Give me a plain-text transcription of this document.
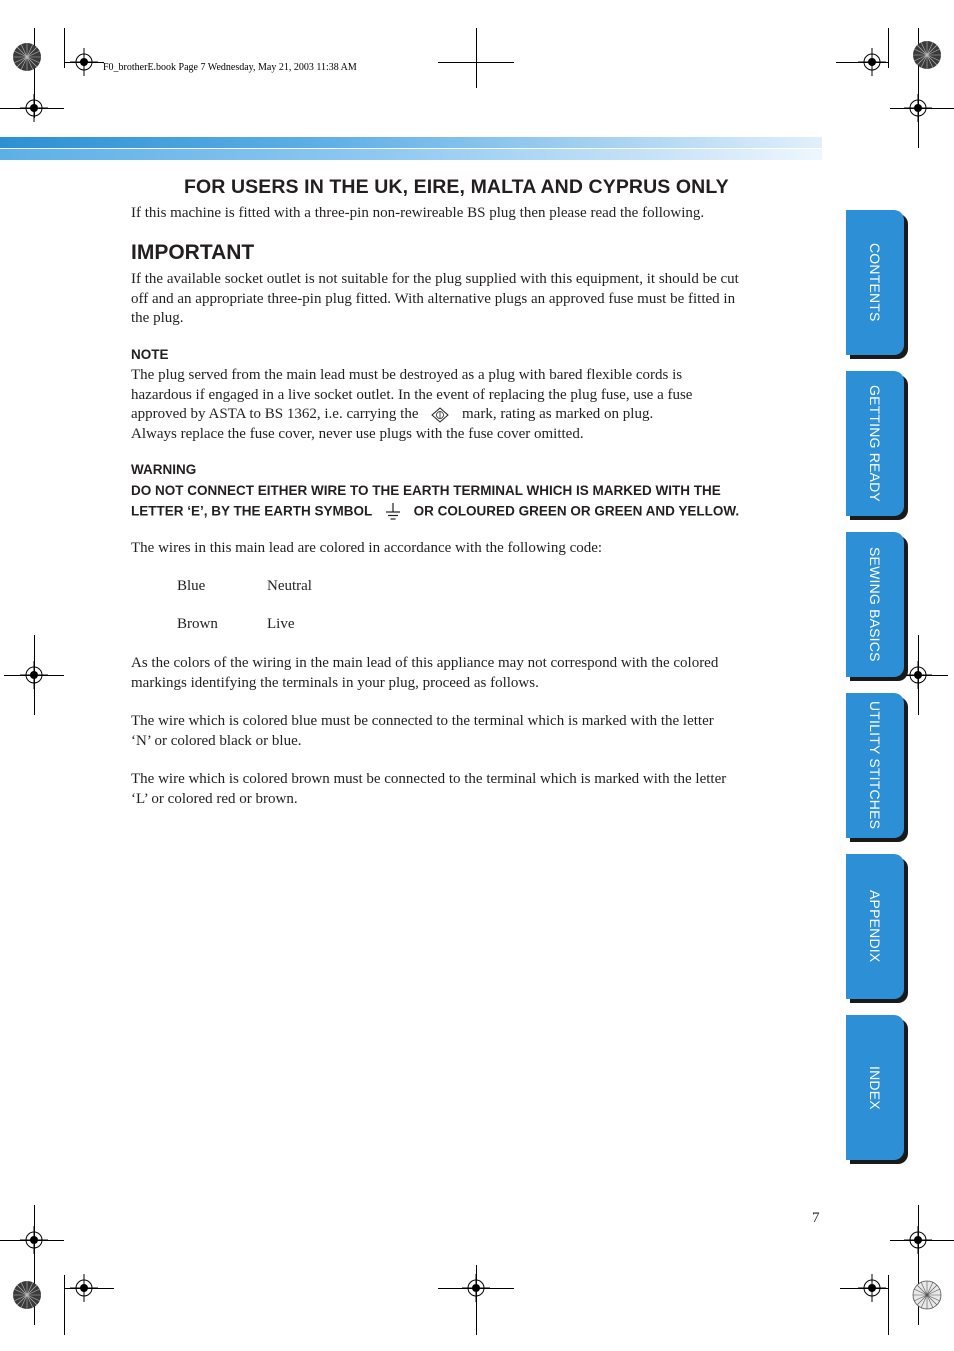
F0_brotherE.book Page 7 Wednesday, May 21, 2003 11:38 AM
FOR USERS IN THE UK, EIRE, MALTA AND CYPRUS ONLY
If this machine is fitted with a three-pin non-rewireable BS plug then please read the following.
IMPORTANT
If the available socket outlet is not suitable for the plug supplied with this equipment, it should be cut
off and an appropriate three-pin plug fitted. With alternative plugs an approved fuse must be fitted in
the plug.
NOTE
The plug served from the main lead must be destroyed as a plug with bared flexible cords is
hazardous if engaged in a live socket outlet. In the event of replacing the plug fuse, use a fuse
approved by ASTA to BS 1362, i.e. carrying the	mark, rating as marked on plug.
Always replace the fuse cover, never use plugs with the fuse cover omitted.
WARNING
DO NOT CONNECT EITHER WIRE TO THE EARTH TERMINAL WHICH IS MARKED WITH THE
LETTER ‘E’, BY THE EARTH SYMBOL	OR COLOURED GREEN OR GREEN AND YELLOW.
The wires in this main lead are colored in accordance with the following code:
Blue	Neutral
Brown	Live
As the colors of the wiring in the main lead of this appliance may not correspond with the colored
markings identifying the terminals in your plug, proceed as follows.
The wire which is colored blue must be connected to the terminal which is marked with the letter
‘N’ or colored black or blue.
The wire which is colored brown must be connected to the terminal which is marked with the letter
‘L’ or colored red or brown.
7
CONTENTS
GETTING READY
SEWING BASICS
UTILITY STITCHES
APPENDIX
INDEX
